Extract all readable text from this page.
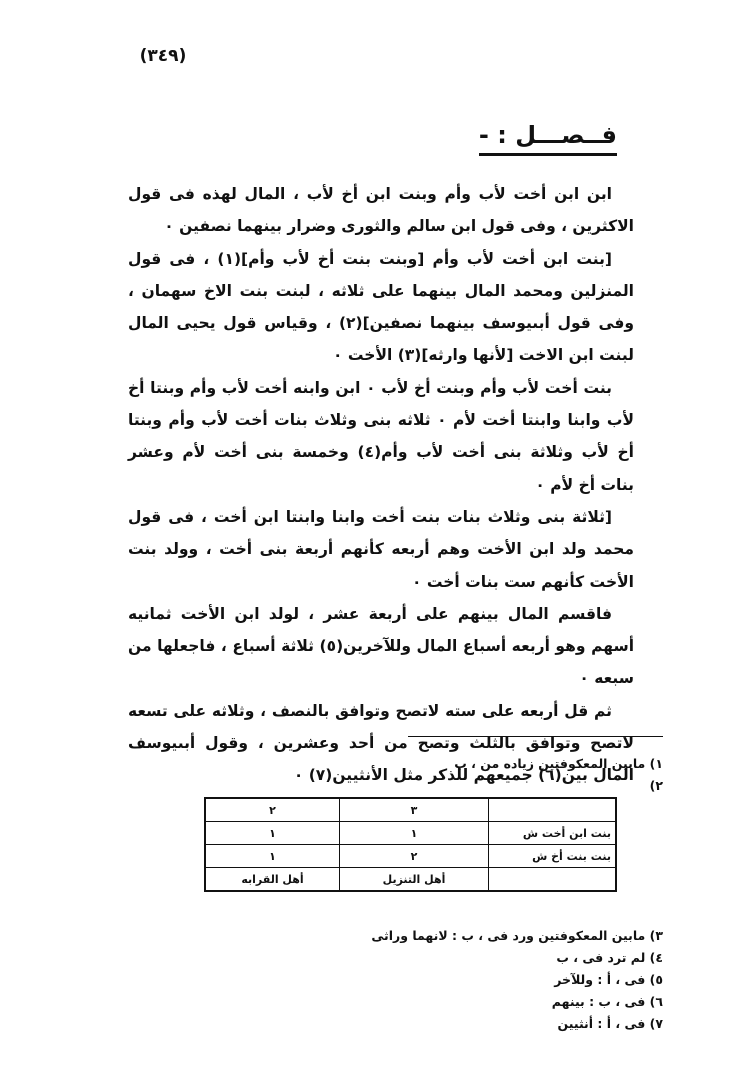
(٣٤٩)
فــصـــل : -

ابن ابن أخت لأب وأم وبنت ابن أخ لأب ، المال لهذه فى قول الاكثرين ، وفى قول ابن سالم والثورى وضرار بينهما نصفين ٠

[بنت ابن أخت لأب وأم [وبنت بنت أخ لأب وأم](١) ، فى قول المنزلين ومحمد المال بينهما على ثلاثه ، لبنت بنت الاخ سهمان ، وفى قول أبىيوسف بينهما نصفين](٢) ، وقياس قول يحيى المال لبنت ابن الاخت [لأنها وارثه](٣) الأخت ٠

بنت أخت لأب وأم وبنت أخ لأب ٠ ابن وابنه أخت لأب وأم وبنتا أخ لأب وابنا وابنتا أخت لأم ٠ ثلاثه بنى وثلاث بنات أخت لأب وأم وبنتا أخ لأب وثلاثة بنى أخت لأب وأم(٤) وخمسة بنى أخت لأم وعشر بنات أخ لأم ٠

[ثلاثة بنى وثلاث بنات بنت أخت وابنا وابنتا ابن أخت ، فى قول محمد ولد ابن الأخت وهم أربعه كأنهم أربعة بنى أخت ، وولد بنت الأخت كأنهم ست بنات أخت ٠

فاقسم المال بينهم على أربعة عشر ، لولد ابن الأخت ثمانيه أسهم وهو أربعه أسباع المال وللآخرين(٥) ثلاثة أسباع ، فاجعلها من سبعه ٠

ثم قل أربعه على سته لاتصح وتوافق بالنصف ، وثلاثه على تسعه لاتصح وتوافق بالثلث وتصح من أحد وعشرين ، وقول أبىيوسف المال بين(٦) جميعهم للذكر مثل الأنثيين(٧) ٠

١) مابين المعكوفتين زياده من ، ب
٢)
	٣	٢
بنت ابن أخت ش	١	١
بنت بنت أخ ش	٢	١
	أهل التنزيل	أهل القرابه
٣) مابين المعكوفتين ورد فى ، ب : لانهما وراثى
٤) لم ترد فى ، ب
٥) فى ، أ : وللآخر
٦) فى ، ب : بينهم
٧) فى ، أ : أنثيين
